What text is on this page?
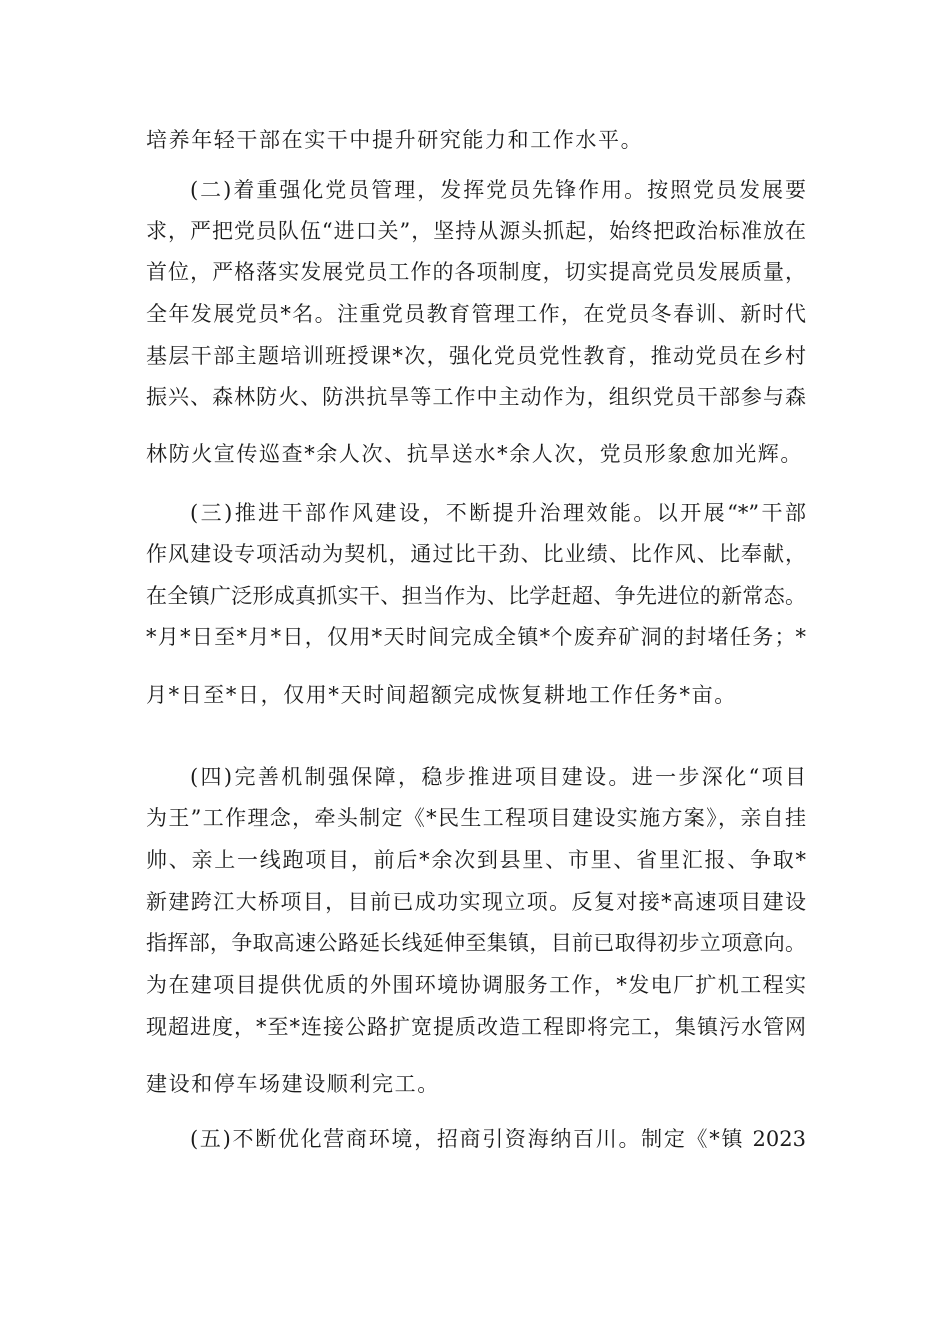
培养年轻干部在实干中提升研究能力和工作水平。
(二)着重强化党员管理，发挥党员先锋作用。按照党员发展要
求，严把党员队伍“进口关”，坚持从源头抓起，始终把政治标准放在
首位，严格落实发展党员工作的各项制度，切实提高党员发展质量，
全年发展党员*名。注重党员教育管理工作，在党员冬春训、新时代
基层干部主题培训班授课*次，强化党员党性教育，推动党员在乡村
振兴、森林防火、防洪抗旱等工作中主动作为，组织党员干部参与森
林防火宣传巡查*余人次、抗旱送水*余人次，党员形象愈加光辉。
(三)推进干部作风建设，不断提升治理效能。以开展“*”干部
作风建设专项活动为契机，通过比干劲、比业绩、比作风、比奉献，
在全镇广泛形成真抓实干、担当作为、比学赶超、争先进位的新常态。
*月*日至*月*日，仅用*天时间完成全镇*个废弃矿洞的封堵任务；*
月*日至*日，仅用*天时间超额完成恢复耕地工作任务*亩。
(四)完善机制强保障，稳步推进项目建设。进一步深化“项目
为王”工作理念，牵头制定《*民生工程项目建设实施方案》，亲自挂
帅、亲上一线跑项目，前后*余次到县里、市里、省里汇报、争取*
新建跨江大桥项目，目前已成功实现立项。反复对接*高速项目建设
指挥部，争取高速公路延长线延伸至集镇，目前已取得初步立项意向。
为在建项目提供优质的外围环境协调服务工作，*发电厂扩机工程实
现超进度，*至*连接公路扩宽提质改造工程即将完工，集镇污水管网
建设和停车场建设顺利完工。
(五)不断优化营商环境，招商引资海纳百川。制定《*镇 2023
